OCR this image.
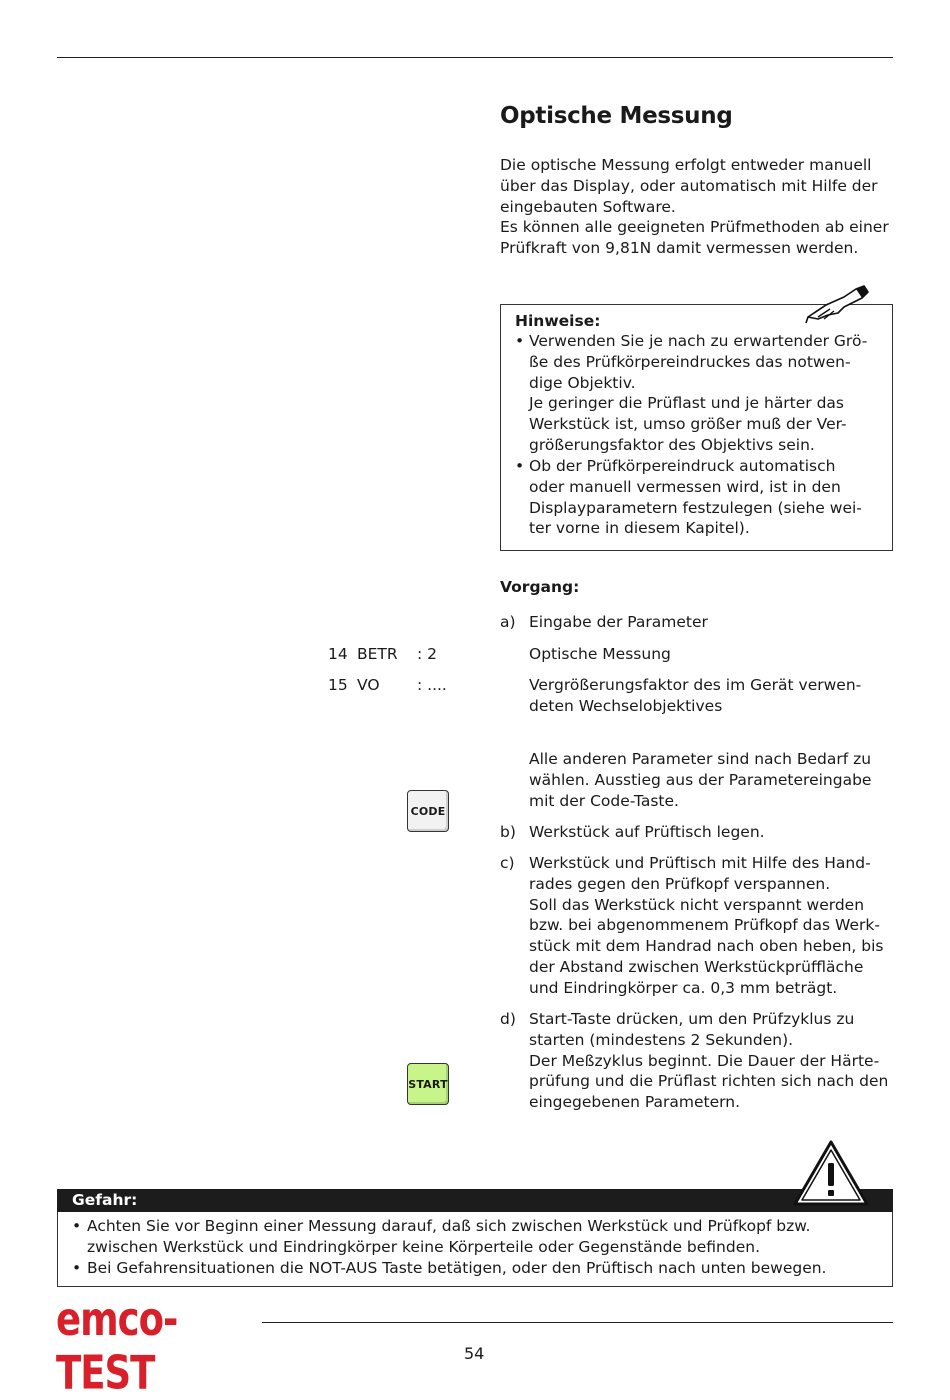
Optische Messung
Die optische Messung erfolgt entweder manuell
über das Display, oder automatisch mit Hilfe der
eingebauten Software.
Es können alle geeigneten Prüfmethoden ab einer
Prüfkraft von 9,81N damit vermessen werden.
Hinweise:
• Verwenden Sie je nach zu erwartender Grö-
ße des Prüfkörpereindruckes das notwen-
dige Objektiv.
Je geringer die Prüflast und je härter das
Werkstück ist, umso größer muß der Ver-
größerungsfaktor des Objektivs sein.
• Ob der Prüfkörpereindruck automatisch
oder manuell vermessen wird, ist in den
Displayparametern festzulegen (siehe wei-
ter vorne in diesem Kapitel).
Vorgang:
a) Eingabe der Parameter
14 BETR : 2	Optische Messung
15 VO : ....	Vergrößerungsfaktor des im Gerät verwen-
deten Wechselobjektives
Alle anderen Parameter sind nach Bedarf zu
wählen. Ausstieg aus der Parametereingabe
mit der Code-Taste.
CODE
b) Werkstück auf Prüftisch legen.
c) Werkstück und Prüftisch mit Hilfe des Hand-
rades gegen den Prüfkopf verspannen.
Soll das Werkstück nicht verspannt werden
bzw. bei abgenommenem Prüfkopf das Werk-
stück mit dem Handrad nach oben heben, bis
der Abstand zwischen Werkstückprüffläche
und Eindringkörper ca. 0,3 mm beträgt.
d) Start-Taste drücken, um den Prüfzyklus zu
starten (mindestens 2 Sekunden).
Der Meßzyklus beginnt. Die Dauer der Härte-
prüfung und die Prüflast richten sich nach den
eingegebenen Parametern.
START
Gefahr:
• Achten Sie vor Beginn einer Messung darauf, daß sich zwischen Werkstück und Prüfkopf bzw.
zwischen Werkstück und Eindringkörper keine Körperteile oder Gegenstände befinden.
• Bei Gefahrensituationen die NOT-AUS Taste betätigen, oder den Prüftisch nach unten bewegen.
emco-TEST	54
